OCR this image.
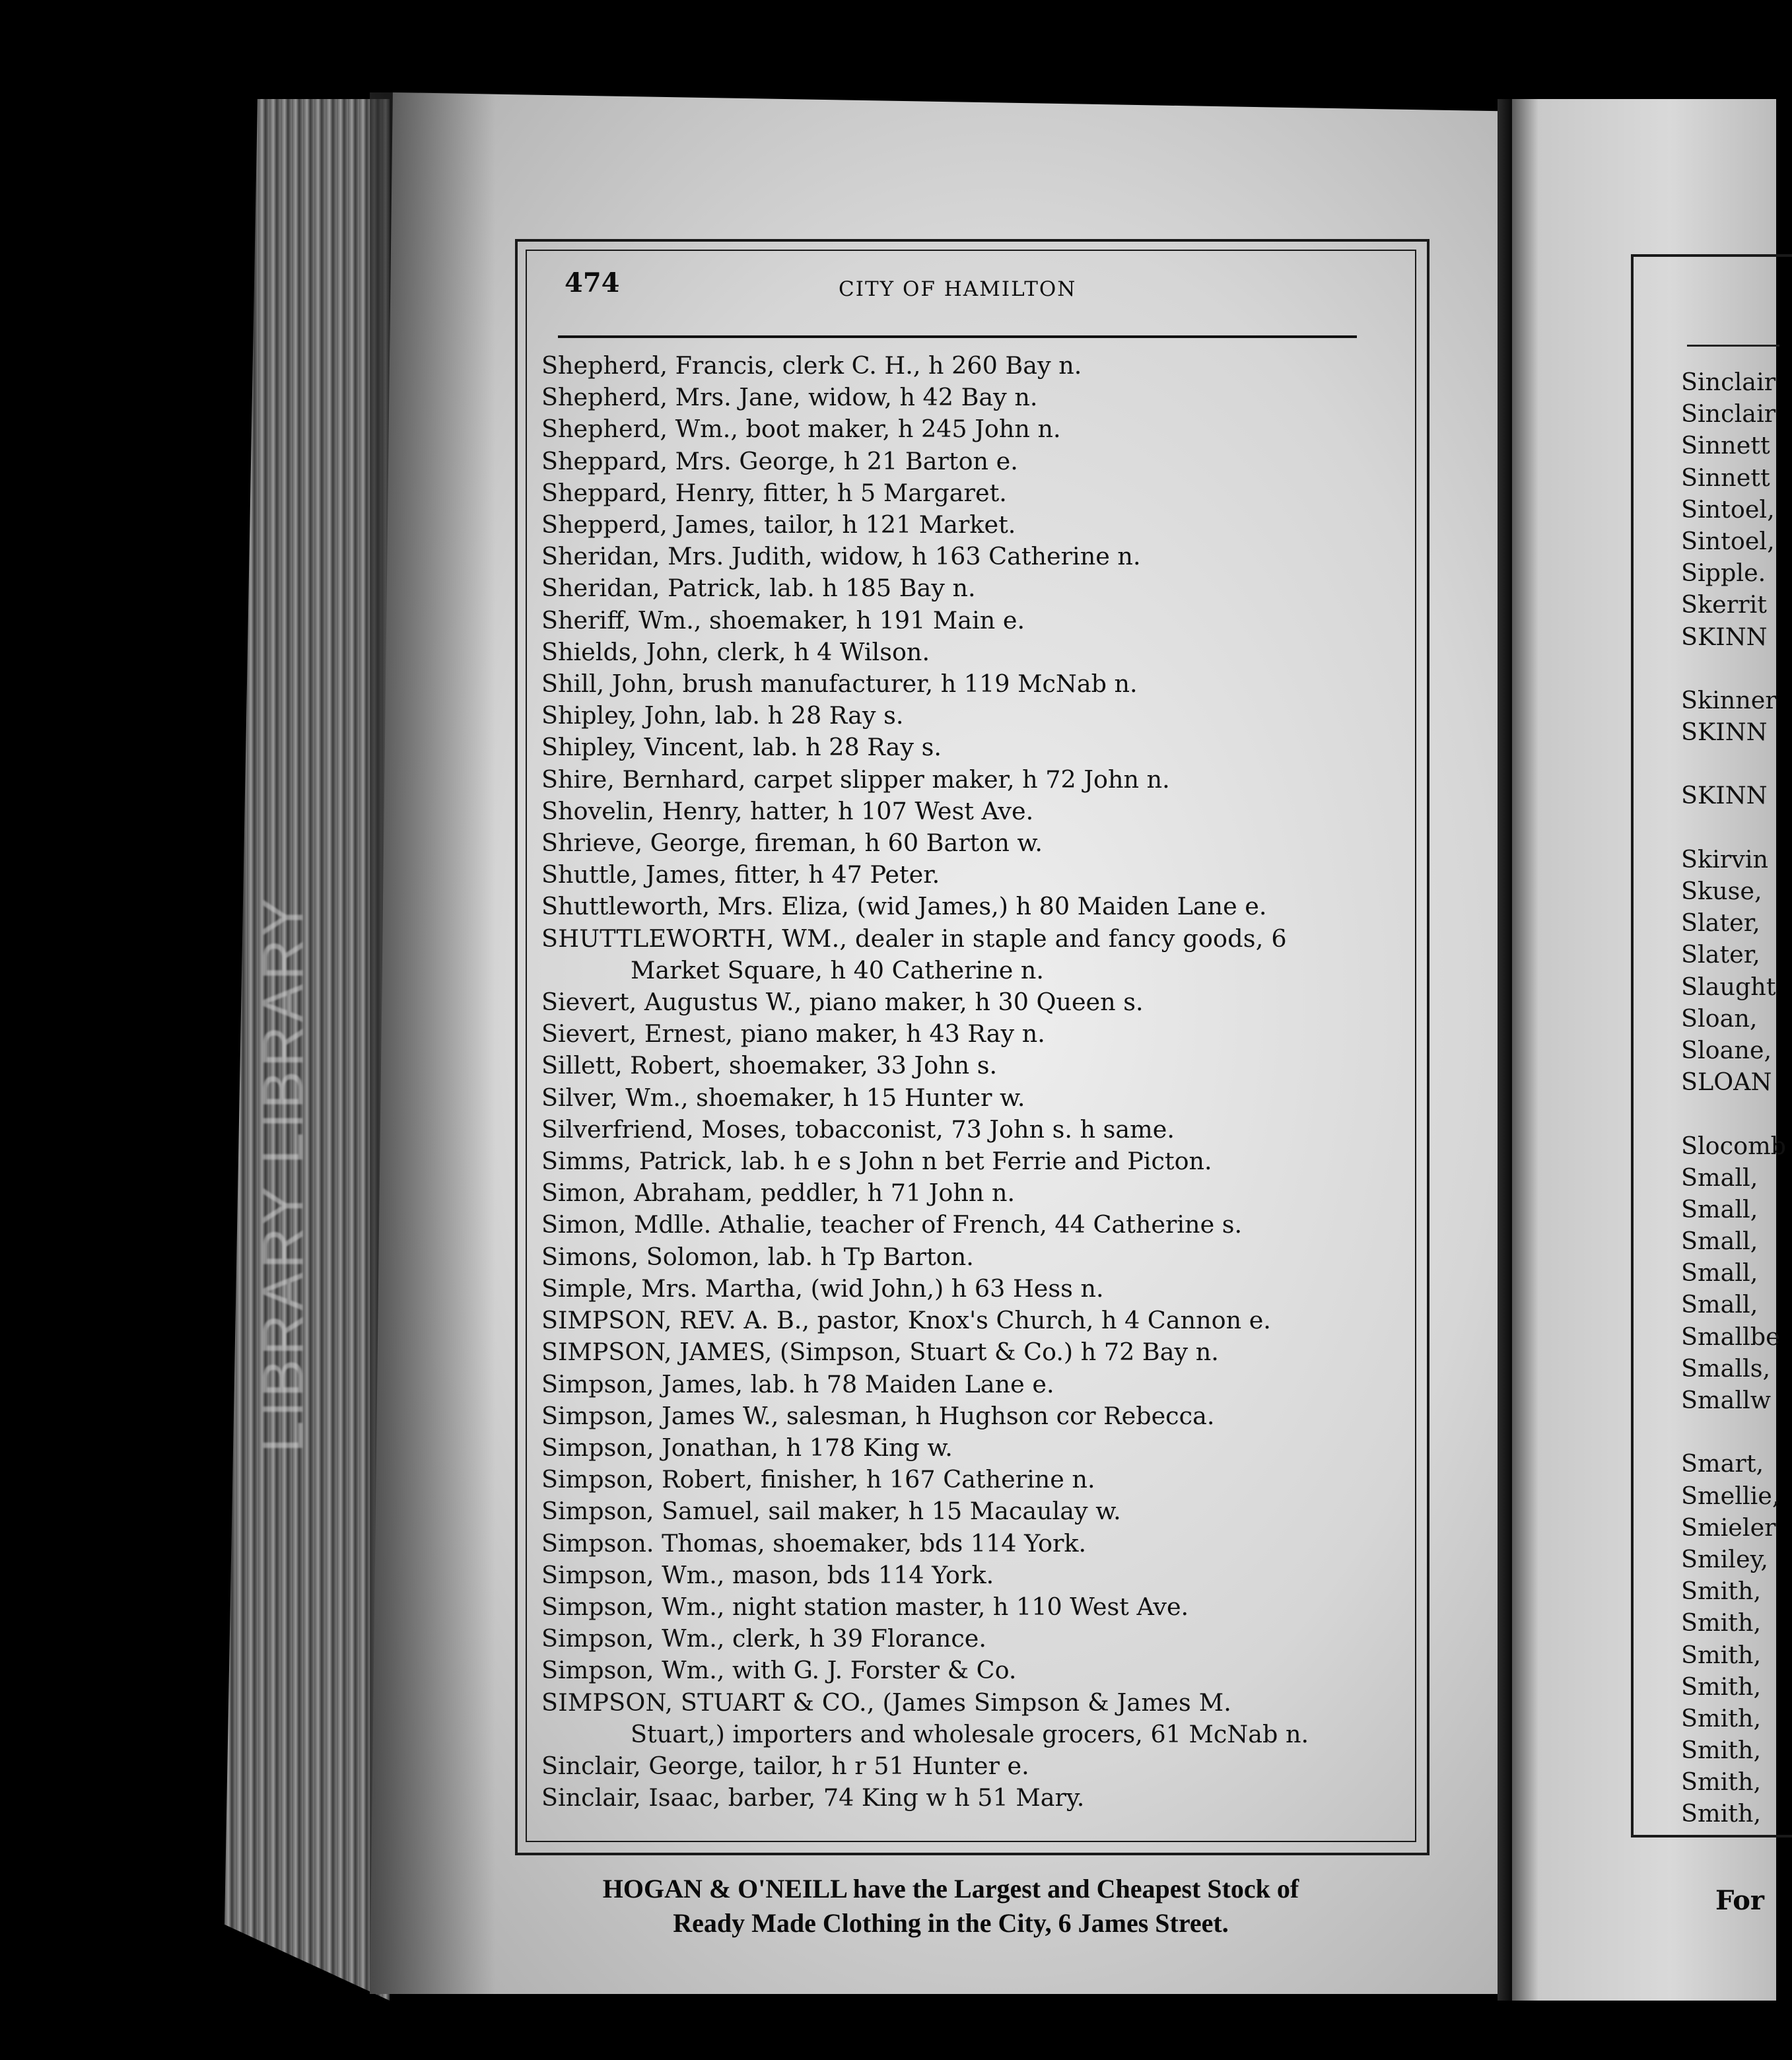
LIBRARY LIBRARY
474	CITY OF HAMILTON
Shepherd, Francis, clerk C. H., h 260 Bay n.
Shepherd, Mrs. Jane, widow, h 42 Bay n.
Shepherd, Wm., boot maker, h 245 John n.
Sheppard, Mrs. George, h 21 Barton e.
Sheppard, Henry, fitter, h 5 Margaret.
Shepperd, James, tailor, h 121 Market.
Sheridan, Mrs. Judith, widow, h 163 Catherine n.
Sheridan, Patrick, lab. h 185 Bay n.
Sheriff, Wm., shoemaker, h 191 Main e.
Shields, John, clerk, h 4 Wilson.
Shill, John, brush manufacturer, h 119 McNab n.
Shipley, John, lab. h 28 Ray s.
Shipley, Vincent, lab. h 28 Ray s.
Shire, Bernhard, carpet slipper maker, h 72 John n.
Shovelin, Henry, hatter, h 107 West Ave.
Shrieve, George, fireman, h 60 Barton w.
Shuttle, James, fitter, h 47 Peter.
Shuttleworth, Mrs. Eliza, (wid James,) h 80 Maiden Lane e.
SHUTTLEWORTH, WM., dealer in staple and fancy goods, 6
Market Square, h 40 Catherine n.
Sievert, Augustus W., piano maker, h 30 Queen s.
Sievert, Ernest, piano maker, h 43 Ray n.
Sillett, Robert, shoemaker, 33 John s.
Silver, Wm., shoemaker, h 15 Hunter w.
Silverfriend, Moses, tobacconist, 73 John s. h same.
Simms, Patrick, lab. h e s John n bet Ferrie and Picton.
Simon, Abraham, peddler, h 71 John n.
Simon, Mdlle. Athalie, teacher of French, 44 Catherine s.
Simons, Solomon, lab. h Tp Barton.
Simple, Mrs. Martha, (wid John,) h 63 Hess n.
SIMPSON, REV. A. B., pastor, Knox's Church, h 4 Cannon e.
SIMPSON, JAMES, (Simpson, Stuart & Co.) h 72 Bay n.
Simpson, James, lab. h 78 Maiden Lane e.
Simpson, James W., salesman, h Hughson cor Rebecca.
Simpson, Jonathan, h 178 King w.
Simpson, Robert, finisher, h 167 Catherine n.
Simpson, Samuel, sail maker, h 15 Macaulay w.
Simpson. Thomas, shoemaker, bds 114 York.
Simpson, Wm., mason, bds 114 York.
Simpson, Wm., night station master, h 110 West Ave.
Simpson, Wm., clerk, h 39 Florance.
Simpson, Wm., with G. J. Forster & Co.
SIMPSON, STUART & CO., (James Simpson & James M.
Stuart,) importers and wholesale grocers, 61 McNab n.
Sinclair, George, tailor, h r 51 Hunter e.
Sinclair, Isaac, barber, 74 King w h 51 Mary.
HOGAN & O'NEILL have the Largest and Cheapest Stock of
Ready Made Clothing in the City, 6 James Street.
Sinclair
Sinclair
Sinnett
Sinnett
Sintoel,
Sintoel,
Sipple.
Skerrit
SKINN
Skinner
SKINN
SKINN
Skirvin
Skuse,
Slater,
Slater,
Slaught
Sloan,
Sloane,
SLOAN
Slocomb
Small,
Small,
Small,
Small,
Small,
Smallbe
Smalls,
Smallw
Smart,
Smellie,
Smieler
Smiley,
Smith,
Smith,
Smith,
Smith,
Smith,
Smith,
Smith,
Smith,
For
